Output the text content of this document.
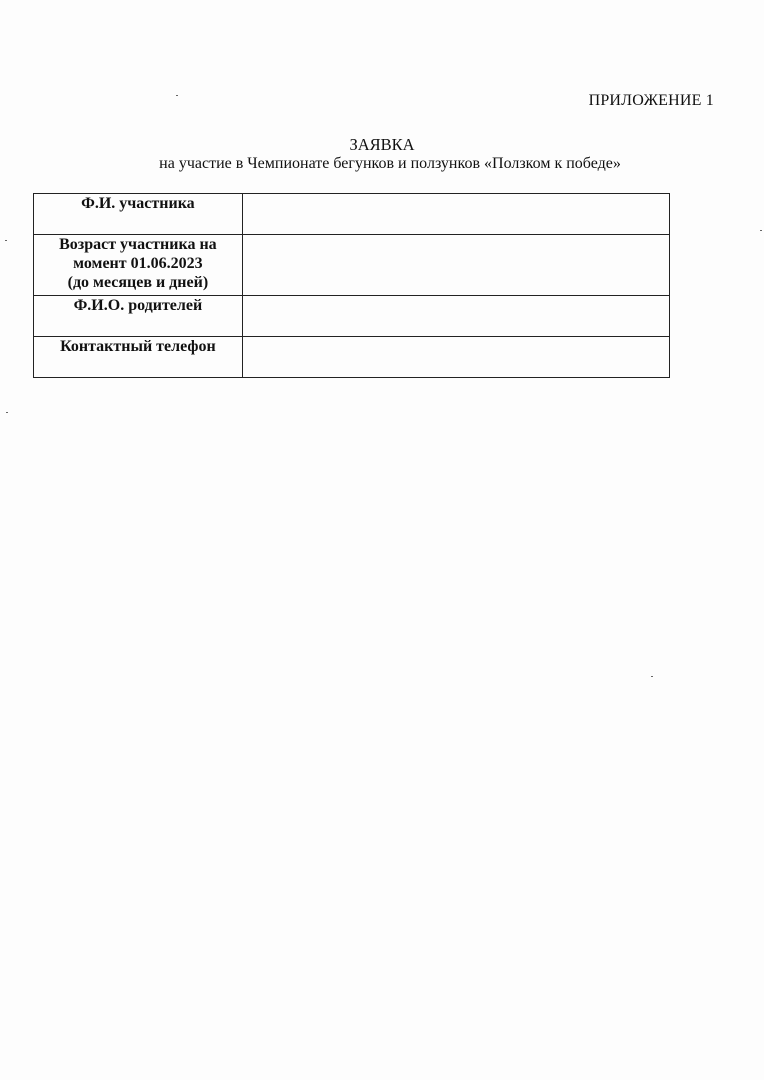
ПРИЛОЖЕНИЕ 1
ЗАЯВКА
на участие в Чемпионате бегунков и ползунков «Ползком к победе»
Ф.И. участника	

Возраст участника на
момент 01.06.2023
(до месяцев и дней)	

Ф.И.О. родителей	

Контактный телефон	
